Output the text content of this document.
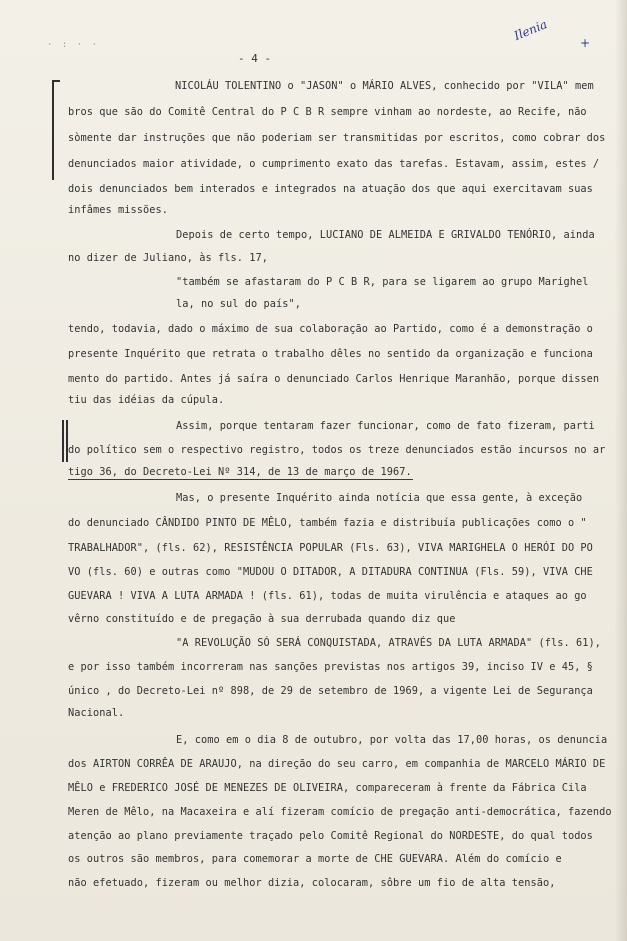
· : · ·
Ilenia
+
- 4 -
NICOLÁU TOLENTINO o "JASON" o MÁRIO ALVES, conhecido por "VILA" mem
bros que são do Comitê Central do P C B R sempre vinham ao nordeste, ao Recife, não
sòmente dar instruções que não poderiam ser transmitidas por escritos, como cobrar dos
denunciados maior atividade, o cumprimento exato das tarefas. Estavam, assim, estes /
dois denunciados bem interados e integrados na atuação dos que aqui exercitavam suas
infâmes missões.
Depois de certo tempo, LUCIANO DE ALMEIDA E GRIVALDO TENÓRIO, ainda
no dizer de Juliano, às fls. 17,
"também se afastaram do P C B R, para se ligarem ao grupo Marighel
la, no sul do país",
tendo, todavia, dado o máximo de sua colaboração ao Partido, como é a demonstração o
presente Inquérito que retrata o trabalho dêles no sentido da organização e funciona
mento do partido. Antes já saíra o denunciado Carlos Henrique Maranhão, porque dissen
tiu das idéias da cúpula.
Assim, porque tentaram fazer funcionar, como de fato fizeram, parti
do político sem o respectivo registro, todos os treze denunciados estão incursos no ar
tigo 36, do Decreto-Lei Nº 314, de 13 de março de 1967.
Mas, o presente Inquérito ainda notícia que essa gente, à exceção
do denunciado CÂNDIDO PINTO DE MÊLO, também fazia e distribuía publicações como o "
TRABALHADOR", (fls. 62), RESISTÊNCIA POPULAR (Fls. 63), VIVA MARIGHELA O HERÓI DO PO
VO (fls. 60) e outras como "MUDOU O DITADOR, A DITADURA CONTINUA (Fls. 59), VIVA CHE
GUEVARA ! VIVA A LUTA ARMADA ! (fls. 61), todas de muita virulência e ataques ao go
vêrno constituído e de pregação à sua derrubada quando diz que
"A REVOLUÇÃO SÓ SERÁ CONQUISTADA, ATRAVÉS DA LUTA ARMADA" (fls. 61),
e por isso também incorreram nas sanções previstas nos artigos 39, inciso IV e 45, §
único , do Decreto-Lei nº 898, de 29 de setembro de 1969, a vigente Lei de Segurança
Nacional.
E, como em o dia 8 de outubro, por volta das 17,00 horas, os denuncia
dos AIRTON CORRÊA DE ARAUJO, na direção do seu carro, em companhia de MARCELO MÁRIO DE
MÊLO e FREDERICO JOSÉ DE MENEZES DE OLIVEIRA, compareceram à frente da Fábrica Cila
Meren de Mêlo, na Macaxeira e alí fizeram comício de pregação anti-democrática, fazendo
atenção ao plano previamente traçado pelo Comitê Regional do NORDESTE, do qual todos
os outros são membros, para comemorar a morte de CHE GUEVARA. Além do comício e
não efetuado, fizeram ou melhor dizia, colocaram, sôbre um fio de alta tensão,
